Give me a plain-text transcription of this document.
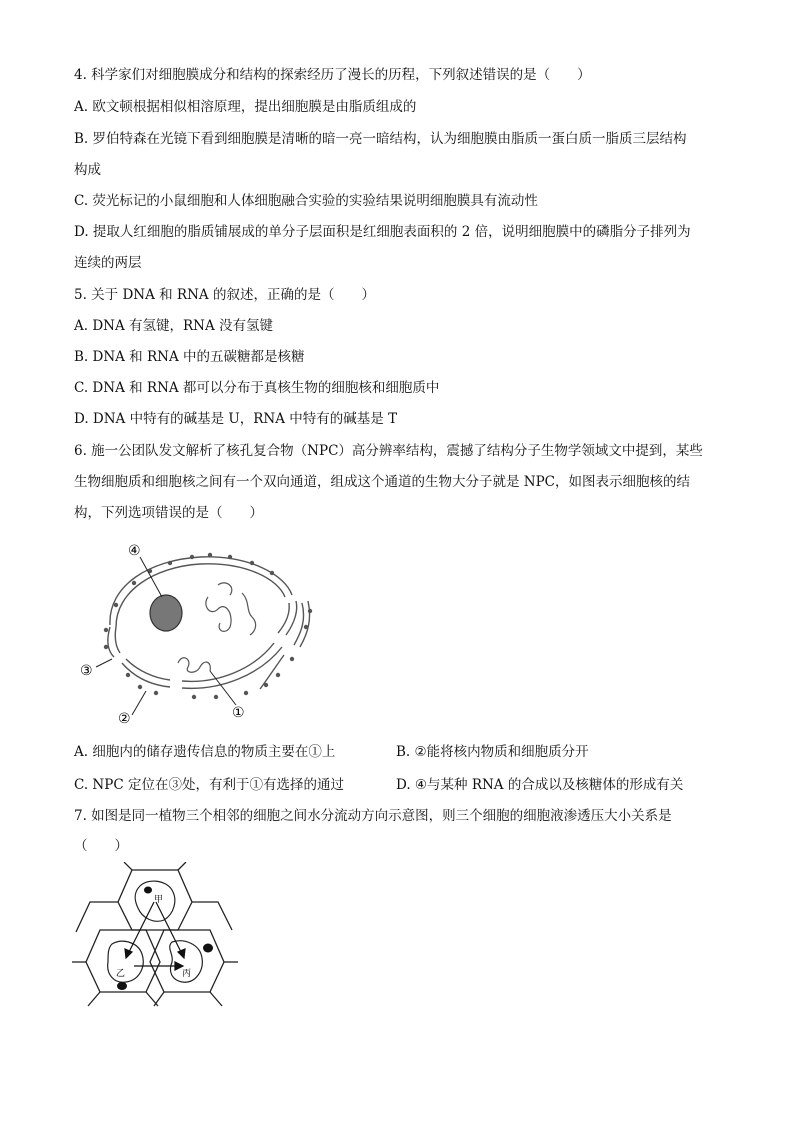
4. 科学家们对细胞膜成分和结构的探索经历了漫长的历程，下列叙述错误的是（　　）
A. 欧文顿根据相似相溶原理，提出细胞膜是由脂质组成的
B. 罗伯特森在光镜下看到细胞膜是清晰的暗一亮一暗结构，认为细胞膜由脂质一蛋白质一脂质三层结构
构成
C. 荧光标记的小鼠细胞和人体细胞融合实验的实验结果说明细胞膜具有流动性
D. 提取人红细胞的脂质铺展成的单分子层面积是红细胞表面积的 2 倍，说明细胞膜中的磷脂分子排列为
连续的两层
5. 关于 DNA 和 RNA 的叙述，正确的是（　　）
A. DNA 有氢键，RNA 没有氢键
B. DNA 和 RNA 中的五碳糖都是核糖
C. DNA 和 RNA 都可以分布于真核生物的细胞核和细胞质中
D. DNA 中特有的碱基是 U，RNA 中特有的碱基是 T
6. 施一公团队发文解析了核孔复合物（NPC）高分辨率结构，震撼了结构分子生物学领域文中提到，某些
生物细胞质和细胞核之间有一个双向通道，组成这个通道的生物大分子就是 NPC，如图表示细胞核的结
构，下列选项错误的是（　　）
④
③
②	①
A. 细胞内的储存遗传信息的物质主要在①上	B. ②能将核内物质和细胞质分开
C. NPC 定位在③处，有利于①有选择的通过	D. ④与某种 RNA 的合成以及核糖体的形成有关
7. 如图是同一植物三个相邻的细胞之间水分流动方向示意图，则三个细胞的细胞液渗透压大小关系是
（　　）
甲
乙	丙
